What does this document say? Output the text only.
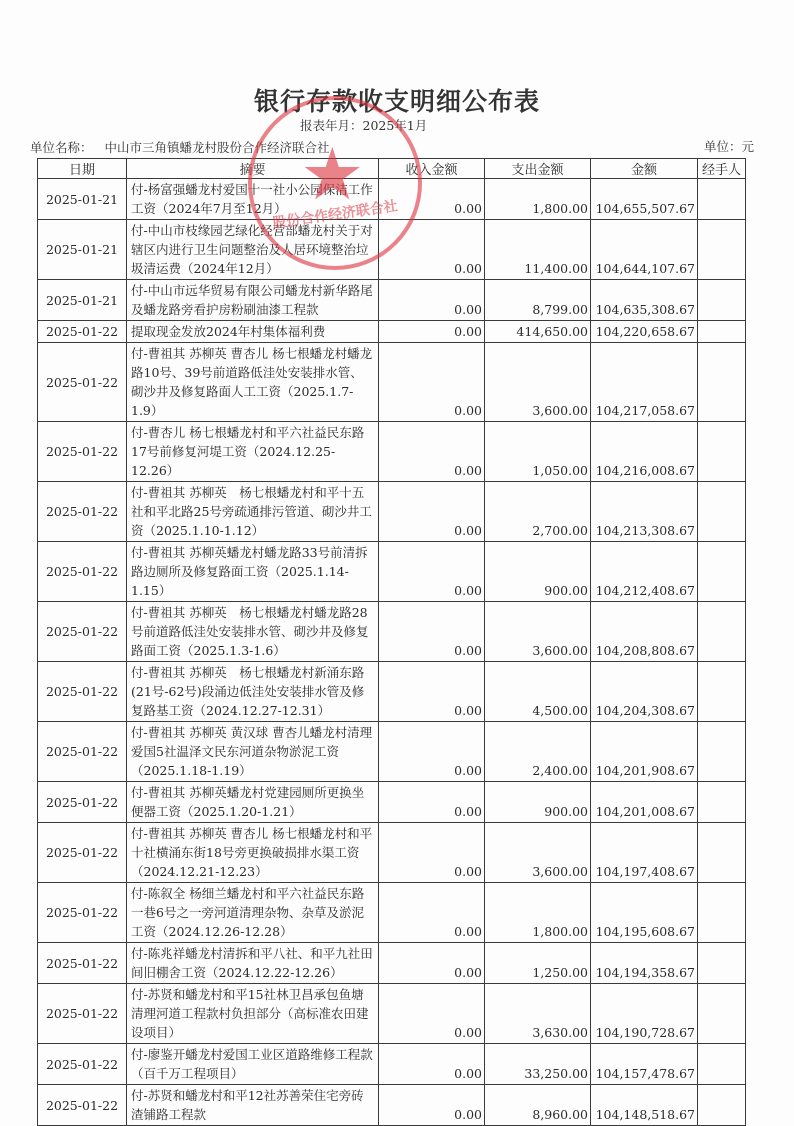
银行存款收支明细公布表
报表年月：2025年1月
单位名称： 中山市三角镇蟠龙村股份合作经济联合社	单位：元
日期	摘要	收入金额	支出金额	金额	经手人
2025-01-21	付-杨富强蟠龙村爱国十一社小公园保洁工作工资（2024年7月至12月）	0.00	1,800.00	104,655,507.67	
2025-01-21	付-中山市枝缘园艺绿化经营部蟠龙村关于对辖区内进行卫生问题整治及人居环境整治垃圾清运费（2024年12月）	0.00	11,400.00	104,644,107.67	
2025-01-21	付-中山市远华贸易有限公司蟠龙村新华路尾及蟠龙路旁看护房粉刷油漆工程款	0.00	8,799.00	104,635,308.67	
2025-01-22	提取现金发放2024年村集体福利费	0.00	414,650.00	104,220,658.67	
2025-01-22	付-曹祖其 苏柳英 曹杏儿 杨七根蟠龙村蟠龙路10号、39号前道路低洼处安装排水管、砌沙井及修复路面人工工资（2025.1.7-1.9）	0.00	3,600.00	104,217,058.67	
2025-01-22	付-曹杏儿 杨七根蟠龙村和平六社益民东路17号前修复河堤工资（2024.12.25-12.26）	0.00	1,050.00	104,216,008.67	
2025-01-22	付-曹祖其 苏柳英　杨七根蟠龙村和平十五社和平北路25号旁疏通排污管道、砌沙井工资（2025.1.10-1.12）	0.00	2,700.00	104,213,308.67	
2025-01-22	付-曹祖其 苏柳英蟠龙村蟠龙路33号前清拆路边厕所及修复路面工资（2025.1.14-1.15）	0.00	900.00	104,212,408.67	
2025-01-22	付-曹祖其 苏柳英　杨七根蟠龙村蟠龙路28号前道路低洼处安装排水管、砌沙井及修复路面工资（2025.1.3-1.6）	0.00	3,600.00	104,208,808.67	
2025-01-22	付-曹祖其 苏柳英　杨七根蟠龙村新涌东路(21号-62号)段涌边低洼处安装排水管及修复路基工资（2024.12.27-12.31）	0.00	4,500.00	104,204,308.67	
2025-01-22	付-曹祖其 苏柳英 黄汉球 曹杏儿蟠龙村清理爱国5社温泽文民东河道杂物淤泥工资（2025.1.18-1.19）	0.00	2,400.00	104,201,908.67	
2025-01-22	付-曹祖其 苏柳英蟠龙村党建园厕所更换坐便器工资（2025.1.20-1.21）	0.00	900.00	104,201,008.67	
2025-01-22	付-曹祖其 苏柳英 曹杏儿 杨七根蟠龙村和平十社横涌东街18号旁更换破损排水渠工资（2024.12.21-12.23）	0.00	3,600.00	104,197,408.67	
2025-01-22	付-陈叙全 杨细兰蟠龙村和平六社益民东路一巷6号之一旁河道清理杂物、杂草及淤泥工资（2024.12.26-12.28）	0.00	1,800.00	104,195,608.67	
2025-01-22	付-陈兆祥蟠龙村清拆和平八社、和平九社田间旧棚舍工资（2024.12.22-12.26）	0.00	1,250.00	104,194,358.67	
2025-01-22	付-苏贤和蟠龙村和平15社林卫昌承包鱼塘清理河道工程款村负担部分（高标准农田建设项目）	0.00	3,630.00	104,190,728.67	
2025-01-22	付-廖鉴开蟠龙村爱国工业区道路维修工程款（百千万工程项目）	0.00	33,250.00	104,157,478.67	
2025-01-22	付-苏贤和蟠龙村和平12社苏善荣住宅旁砖渣铺路工程款	0.00	8,960.00	104,148,518.67	
★
股份合作经济联合社
